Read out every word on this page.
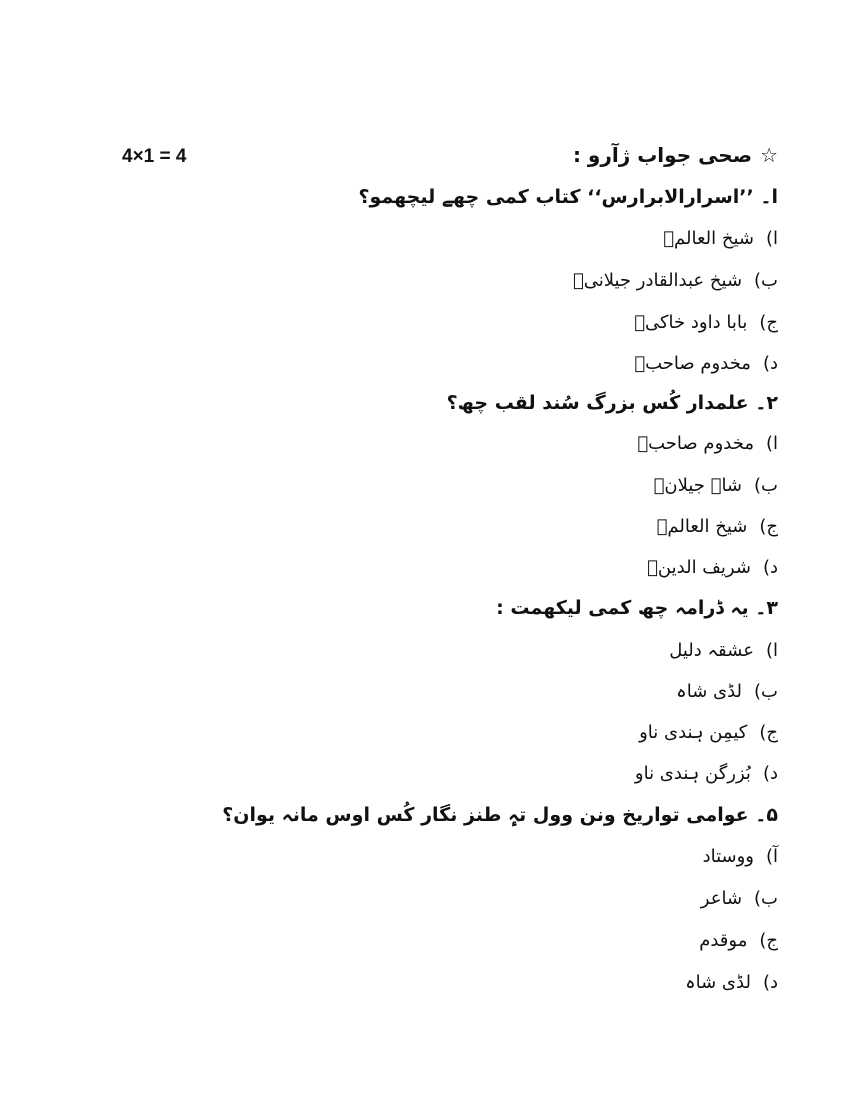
4×1 = 4	☆صحی جواب ژآرو :
ا۔ ’’اسرارالابرارس‘‘ کتاب کمی چھے لیچھمو؟
ا)شیخ العالمؒ
ب)شیخ عبدالقادر جیلانیؒ
ج)بابا داود خاکیؒ
د)مخدوم صاحبؒ
۲۔ علمدار کُس بزرگ سُند لقب چھ؟
ا)مخدوم صاحبؒ
ب)شاہ جیلانؒ
ج)شیخ العالمؒ
د)شریف الدینؒ
۳۔ یہ ڈرامہ چھ کمی لیکھمت :
ا)عشقہ دلیل
ب)لڈی شاہ
ج)کیمِن ہندی ناو
د)بُزرگن ہندی ناو
۵۔ عوامی تواریخ ونن وول تہٕ طنز نگار کُس اوس مانہ یوان؟
آ)ووستاد
ب)شاعر
ج)موقدم
د)لڈی شاہ
